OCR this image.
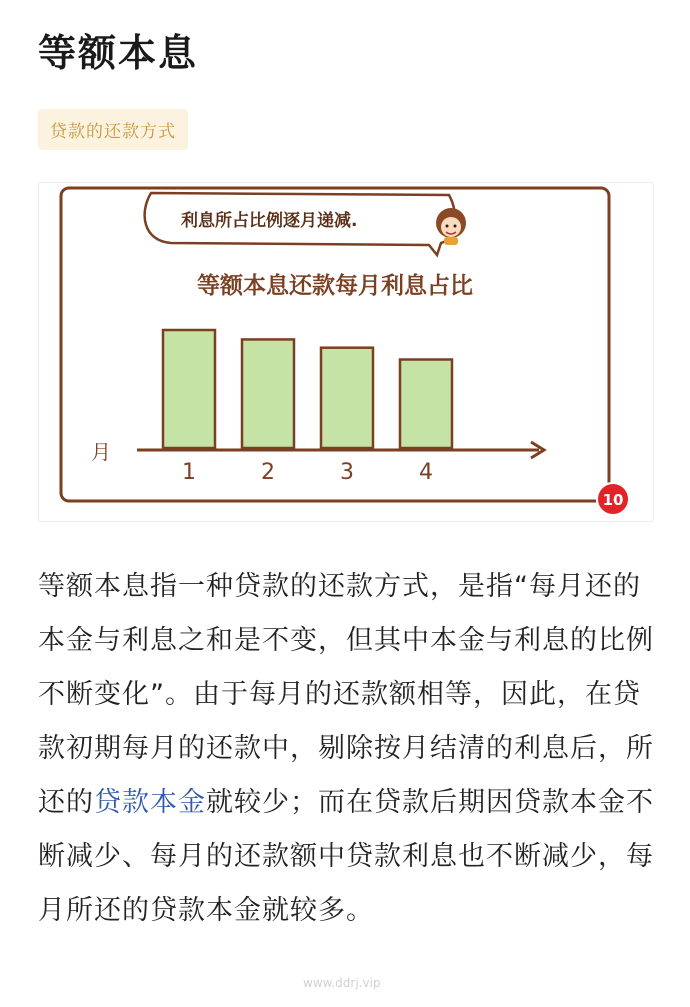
等额本息
贷款的还款方式
利息所占比例逐月递减.
等额本息还款每月利息占比
月
1	2	3	4
10

等额本息指一种贷款的还款方式，是指“每月还的本金与利息之和是不变，但其中本金与利息的比例不断变化”。由于每月的还款额相等，因此，在贷款初期每月的还款中，剔除按月结清的利息后，所还的贷款本金就较少；而在贷款后期因贷款本金不断减少、每月的还款额中贷款利息也不断减少，每月所还的贷款本金就较多。

www.ddrj.vip
